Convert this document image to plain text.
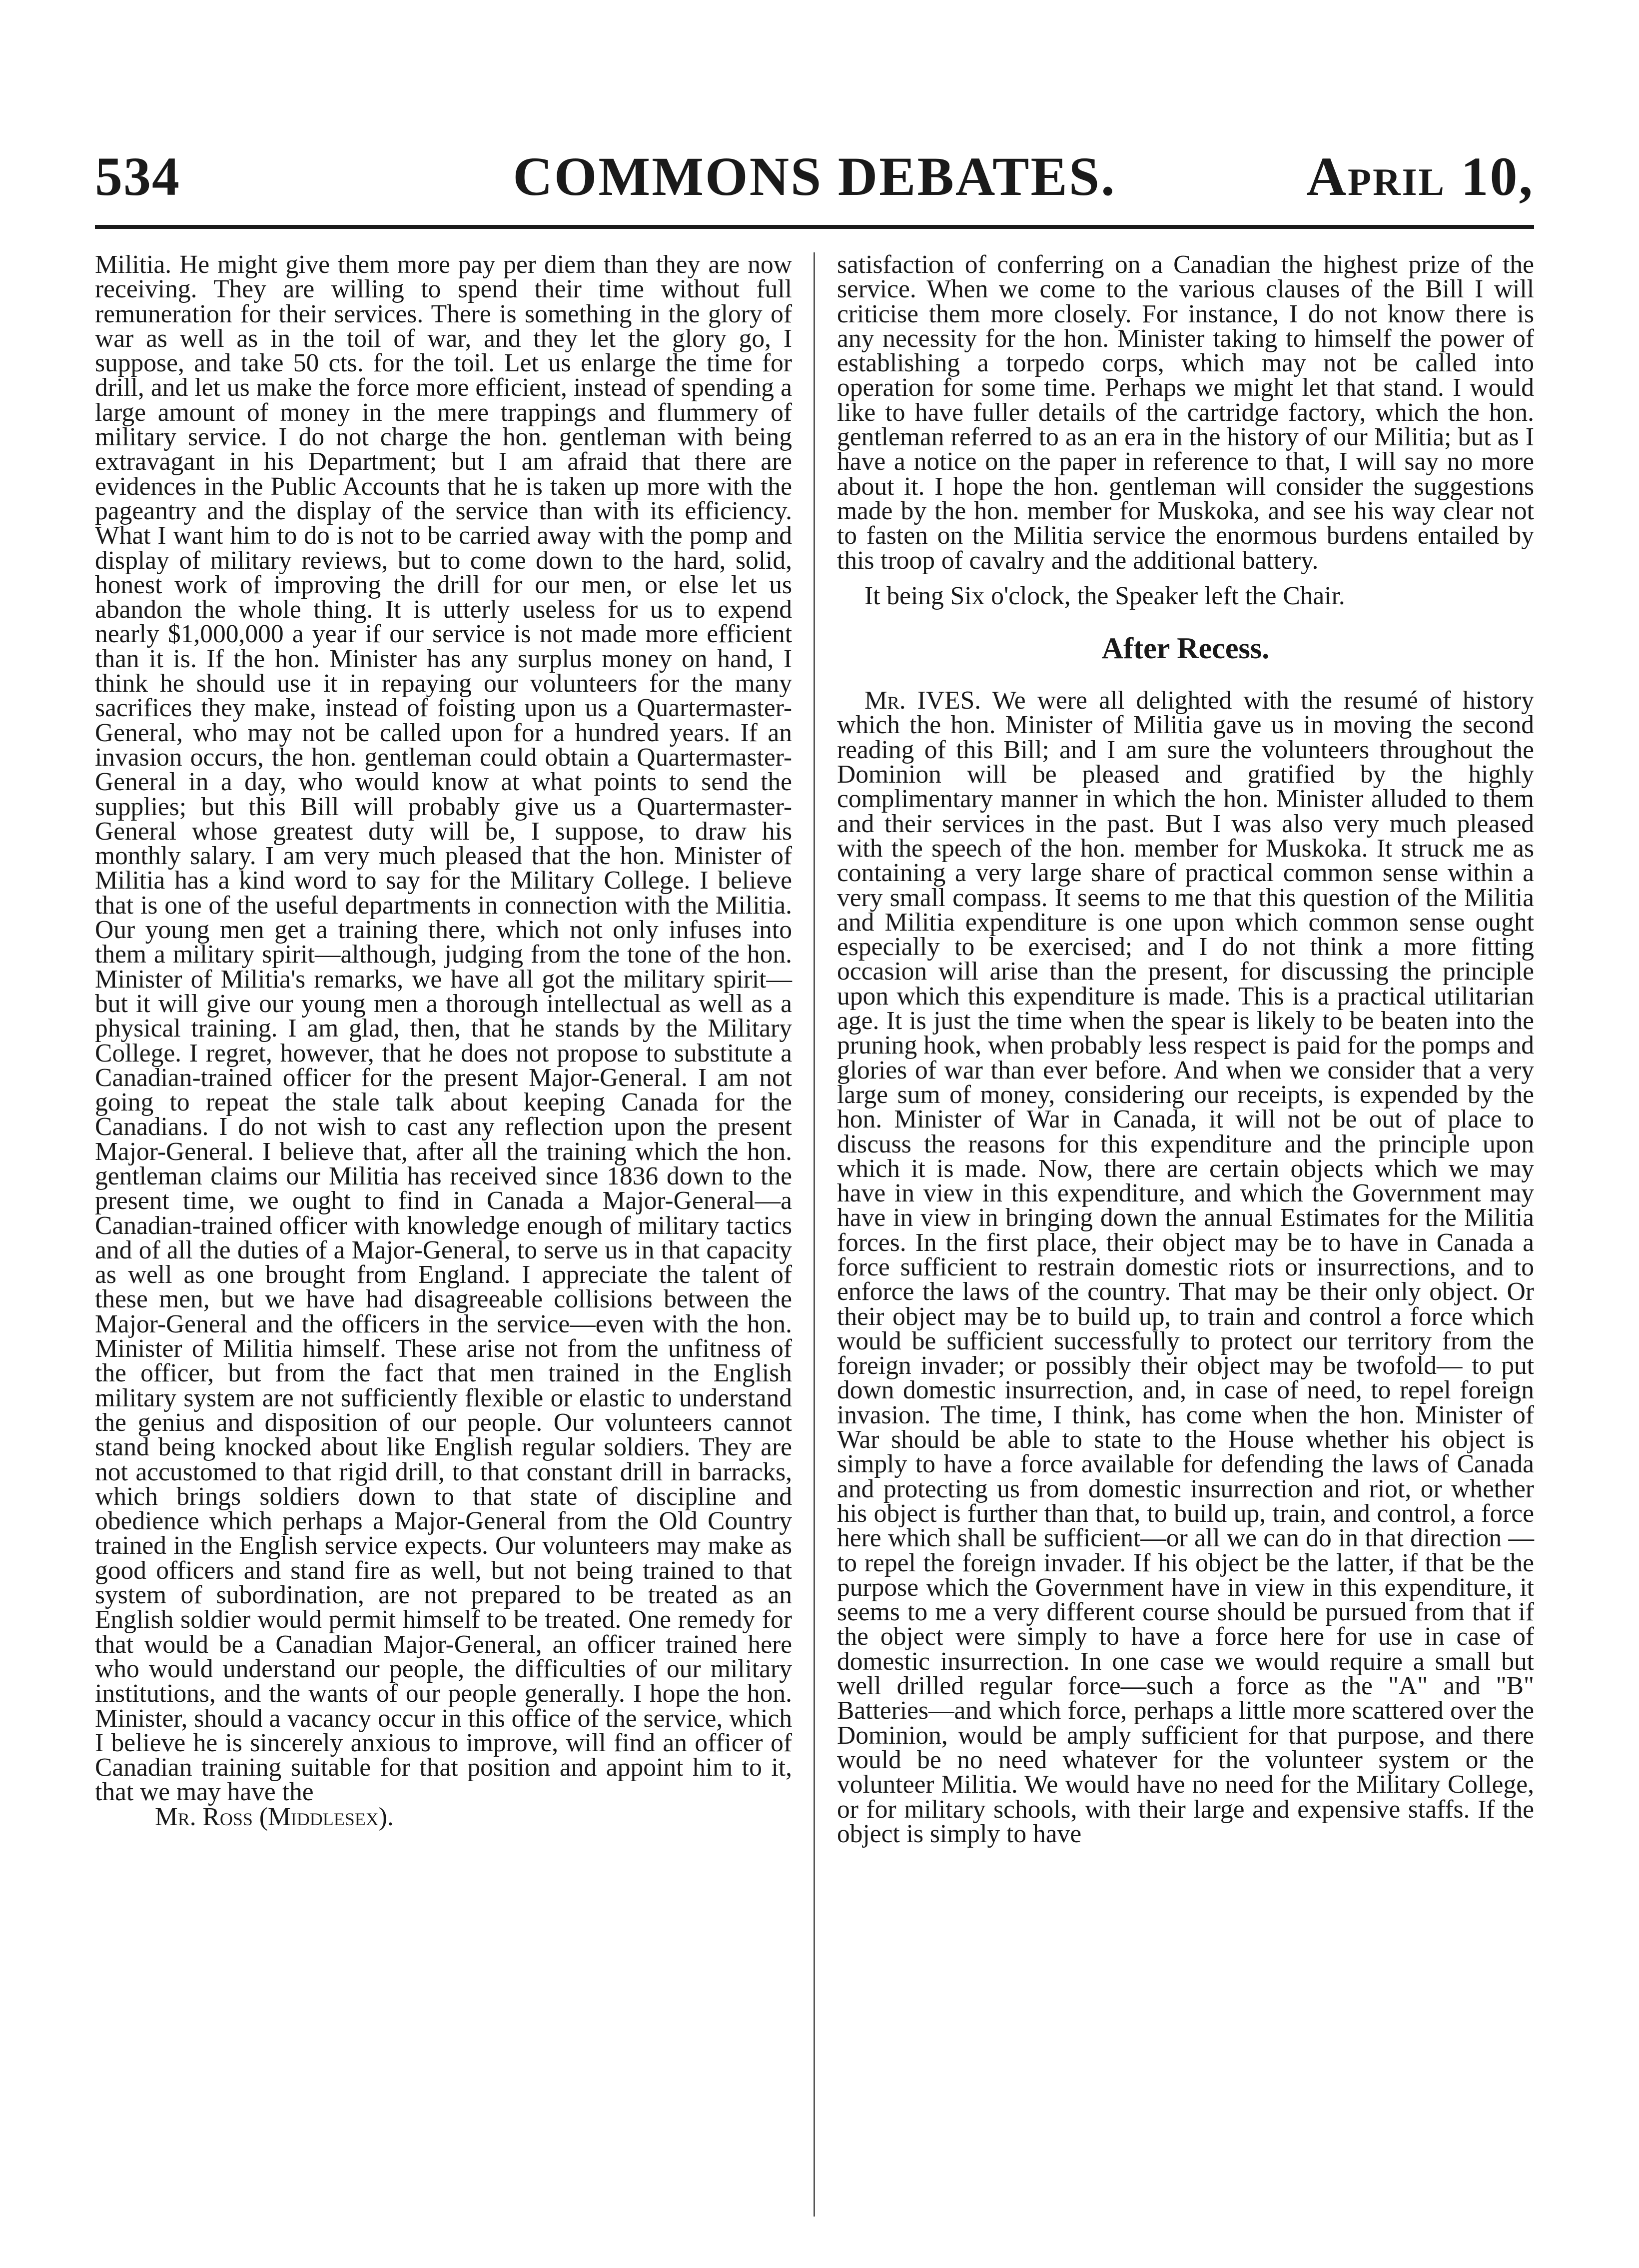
534	COMMONS DEBATES.	April 10,

Militia. He might give them more pay per diem than they are now receiving. They are willing to spend their time without full remuneration for their services. There is something in the glory of war as well as in the toil of war, and they let the glory go, I suppose, and take 50 cts. for the toil. Let us enlarge the time for drill, and let us make the force more efficient, instead of spending a large amount of money in the mere trappings and flummery of military service. I do not charge the hon. gentleman with being extravagant in his Department; but I am afraid that there are evidences in the Public Accounts that he is taken up more with the pageantry and the display of the service than with its efficiency. What I want him to do is not to be carried away with the pomp and display of military reviews, but to come down to the hard, solid, honest work of improving the drill for our men, or else let us abandon the whole thing. It is utterly useless for us to expend nearly $1,000,000 a year if our service is not made more efficient than it is. If the hon. Minister has any surplus money on hand, I think he should use it in repaying our volunteers for the many sacrifices they make, instead of foisting upon us a Quartermaster-General, who may not be called upon for a hundred years. If an invasion occurs, the hon. gentleman could obtain a Quartermaster-General in a day, who would know at what points to send the supplies; but this Bill will probably give us a Quartermaster-General whose greatest duty will be, I suppose, to draw his monthly salary. I am very much pleased that the hon. Minister of Militia has a kind word to say for the Military College. I believe that is one of the useful departments in connection with the Militia. Our young men get a training there, which not only infuses into them a military spirit—although, judging from the tone of the hon. Minister of Militia's remarks, we have all got the military spirit—but it will give our young men a thorough intellectual as well as a physical training. I am glad, then, that he stands by the Military College. I regret, however, that he does not propose to substitute a Canadian-trained officer for the present Major-General. I am not going to repeat the stale talk about keeping Canada for the Canadians. I do not wish to cast any reflection upon the present Major-General. I believe that, after all the training which the hon. gentleman claims our Militia has received since 1836 down to the present time, we ought to find in Canada a Major-General—a Canadian-trained officer with knowledge enough of military tactics and of all the duties of a Major-General, to serve us in that capacity as well as one brought from England. I appreciate the talent of these men, but we have had disagreeable collisions between the Major-General and the officers in the service—even with the hon. Minister of Militia himself. These arise not from the unfitness of the officer, but from the fact that men trained in the English military system are not sufficiently flexible or elastic to understand the genius and disposition of our people. Our volunteers cannot stand being knocked about like English regular soldiers. They are not accustomed to that rigid drill, to that constant drill in barracks, which brings soldiers down to that state of discipline and obedience which perhaps a Major-General from the Old Country trained in the English service expects. Our volunteers may make as good officers and stand fire as well, but not being trained to that system of subordination, are not prepared to be treated as an English soldier would permit himself to be treated. One remedy for that would be a Canadian Major-General, an officer trained here who would understand our people, the difficulties of our military institutions, and the wants of our people generally. I hope the hon. Minister, should a vacancy occur in this office of the service, which I believe he is sincerely anxious to improve, will find an officer of Canadian training suitable for that position and appoint him to it, that we may have the

Mr. Ross (Middlesex).

satisfaction of conferring on a Canadian the highest prize of the service. When we come to the various clauses of the Bill I will criticise them more closely. For instance, I do not know there is any necessity for the hon. Minister taking to himself the power of establishing a torpedo corps, which may not be called into operation for some time. Perhaps we might let that stand. I would like to have fuller details of the cartridge factory, which the hon. gentleman referred to as an era in the history of our Militia; but as I have a notice on the paper in reference to that, I will say no more about it. I hope the hon. gentleman will consider the suggestions made by the hon. member for Muskoka, and see his way clear not to fasten on the Militia service the enormous burdens entailed by this troop of cavalry and the additional battery.

It being Six o'clock, the Speaker left the Chair.

After Recess.

Mr. IVES. We were all delighted with the resumé of history which the hon. Minister of Militia gave us in moving the second reading of this Bill; and I am sure the volunteers throughout the Dominion will be pleased and gratified by the highly complimentary manner in which the hon. Minister alluded to them and their services in the past. But I was also very much pleased with the speech of the hon. member for Muskoka. It struck me as containing a very large share of practical common sense within a very small compass. It seems to me that this question of the Militia and Militia expenditure is one upon which common sense ought especially to be exercised; and I do not think a more fitting occasion will arise than the present, for discussing the principle upon which this expenditure is made. This is a practical utilitarian age. It is just the time when the spear is likely to be beaten into the pruning hook, when probably less respect is paid for the pomps and glories of war than ever before. And when we consider that a very large sum of money, considering our receipts, is expended by the hon. Minister of War in Canada, it will not be out of place to discuss the reasons for this expenditure and the principle upon which it is made. Now, there are certain objects which we may have in view in this expenditure, and which the Government may have in view in bringing down the annual Estimates for the Militia forces. In the first place, their object may be to have in Canada a force sufficient to restrain domestic riots or insurrections, and to enforce the laws of the country. That may be their only object. Or their object may be to build up, to train and control a force which would be sufficient successfully to protect our territory from the foreign invader; or possibly their object may be twofold— to put down domestic insurrection, and, in case of need, to repel foreign invasion. The time, I think, has come when the hon. Minister of War should be able to state to the House whether his object is simply to have a force available for defending the laws of Canada and protecting us from domestic insurrection and riot, or whether his object is further than that, to build up, train, and control, a force here which shall be sufficient—or all we can do in that direction —to repel the foreign invader. If his object be the latter, if that be the purpose which the Government have in view in this expenditure, it seems to me a very different course should be pursued from that if the object were simply to have a force here for use in case of domestic insurrection. In one case we would require a small but well drilled regular force—such a force as the "A" and "B" Batteries—and which force, perhaps a little more scattered over the Dominion, would be amply sufficient for that purpose, and there would be no need whatever for the volunteer system or the volunteer Militia. We would have no need for the Military College, or for military schools, with their large and expensive staffs. If the object is simply to have
